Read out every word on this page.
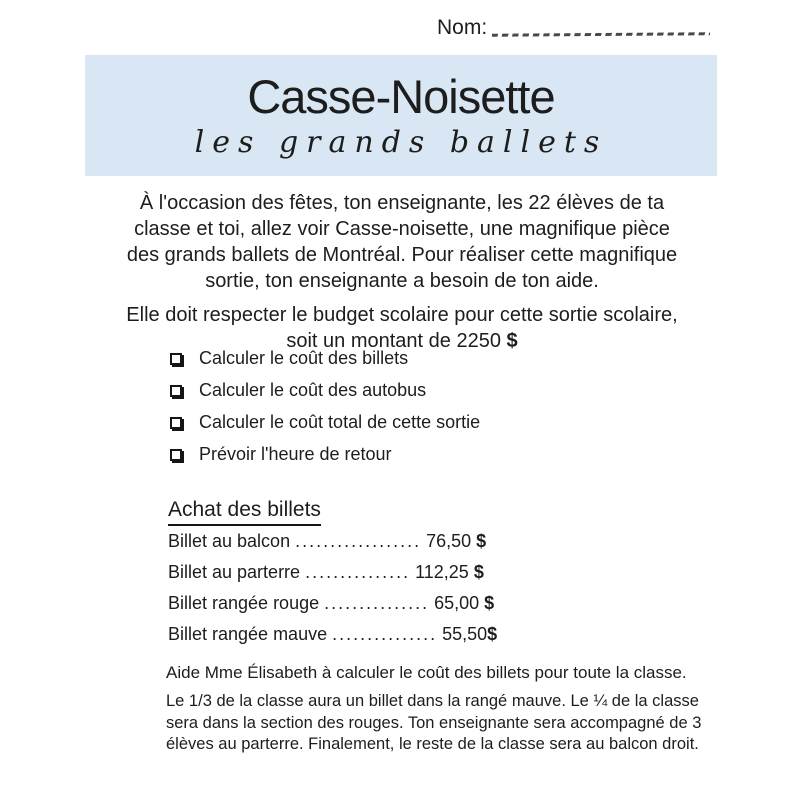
Nom:
Casse-Noisette
les grands ballets

À l'occasion des fêtes, ton enseignante, les 22 élèves de ta classe et toi, allez voir Casse-noisette, une magnifique pièce des grands ballets de Montréal. Pour réaliser cette magnifique sortie, ton enseignante a besoin de ton aide.

Elle doit respecter le budget scolaire pour cette sortie scolaire, soit un montant de 2250 $

Calculer le coût des billets
Calculer le coût des autobus
Calculer le coût total de cette sortie
Prévoir l'heure de retour
Achat des billets
Billet au balcon .................. 76,50 $
Billet au parterre ............... 112,25 $
Billet rangée rouge ............... 65,00 $
Billet rangée mauve ............... 55,50$

Aide Mme Élisabeth à calculer le coût des billets pour toute la classe.

Le 1/3 de la classe aura un billet dans la rangé mauve. Le ¼ de la classe sera dans la section des rouges. Ton enseignante sera accompagné de 3 élèves au parterre. Finalement, le reste de la classe sera au balcon droit.
